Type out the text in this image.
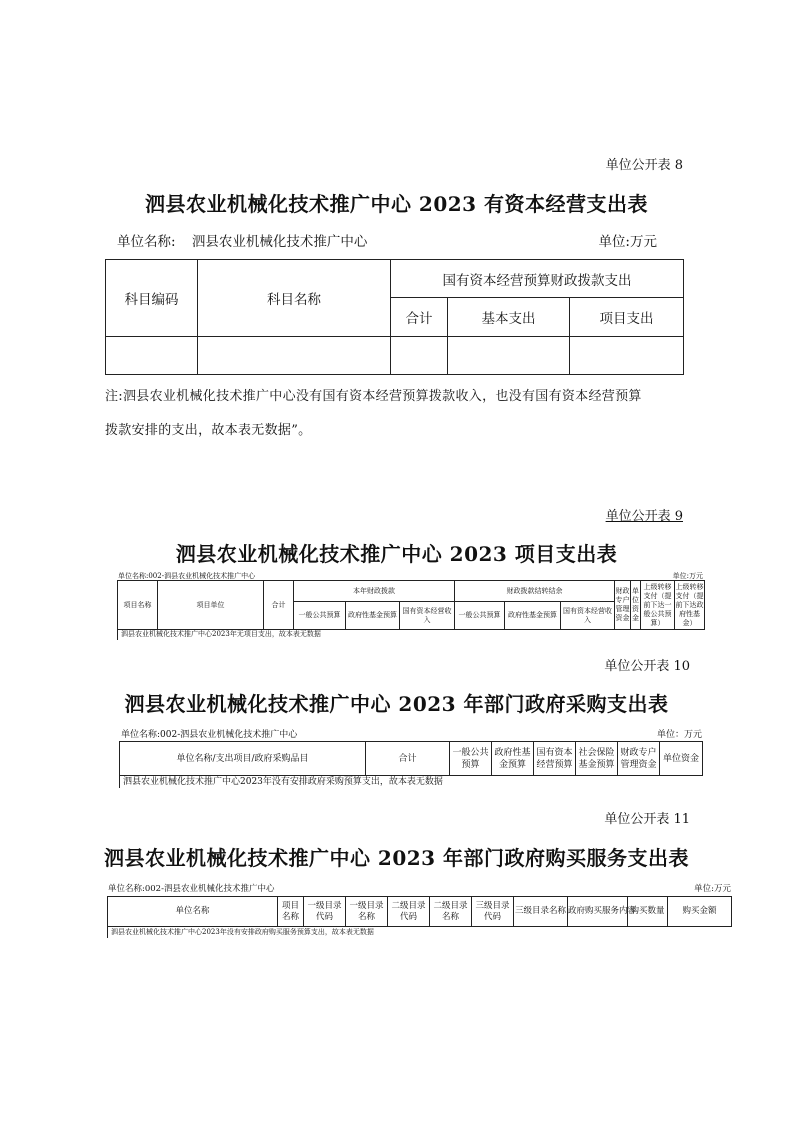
单位公开表 8
泗县农业机械化技术推广中心 2023 有资本经营支出表
单位名称: 泗县农业机械化技术推广中心	单位:万元
科目编码	科目名称	国有资本经营预算财政拨款支出		
		合计	基本支出	项目支出

注:泗县农业机械化技术推广中心没有国有资本经营预算拨款收入，也没有国有资本经营预算
拨款安排的支出，故本表无数据”。
单位公开表 9
泗县农业机械化技术推广中心 2023 项目支出表
单位名称:002-泗县农业机械化技术推广中心	单位:万元
项目名称	项目单位	合计	本年财政拨款			财政拨款结转结余			财政专户管理资金	单位资金	上级转移支付（提前下达一般公共预算）	上级转移支付（提前下达政府性基金）
			一般公共预算	政府性基金预算	国有资本经营收入	一般公共预算	政府性基金预算	国有资本经营收入				
泗县农业机械化技术推广中心2023年无项目支出，故本表无数据												
单位公开表 10
泗县农业机械化技术推广中心 2023 年部门政府采购支出表
单位名称:002-泗县农业机械化技术推广中心	单位：万元
单位名称/支出项目/政府采购品目	合计	一般公共预算	政府性基金预算	国有资本经营预算	社会保险基金预算	财政专户管理资金	单位资金
泗县农业机械化技术推广中心2023年没有安排政府采购预算支出，故本表无数据
单位公开表 11
泗县农业机械化技术推广中心 2023 年部门政府购买服务支出表
单位名称:002-泗县农业机械化技术推广中心	单位:万元
单位名称	项目名称	一级目录代码	一级目录名称	二级目录代码	二级目录名称	三级目录代码	三级目录名称	政府购买服务内容	购买数量	购买金额
泗县农业机械化技术推广中心2023年没有安排政府购买服务预算支出，故本表无数据
